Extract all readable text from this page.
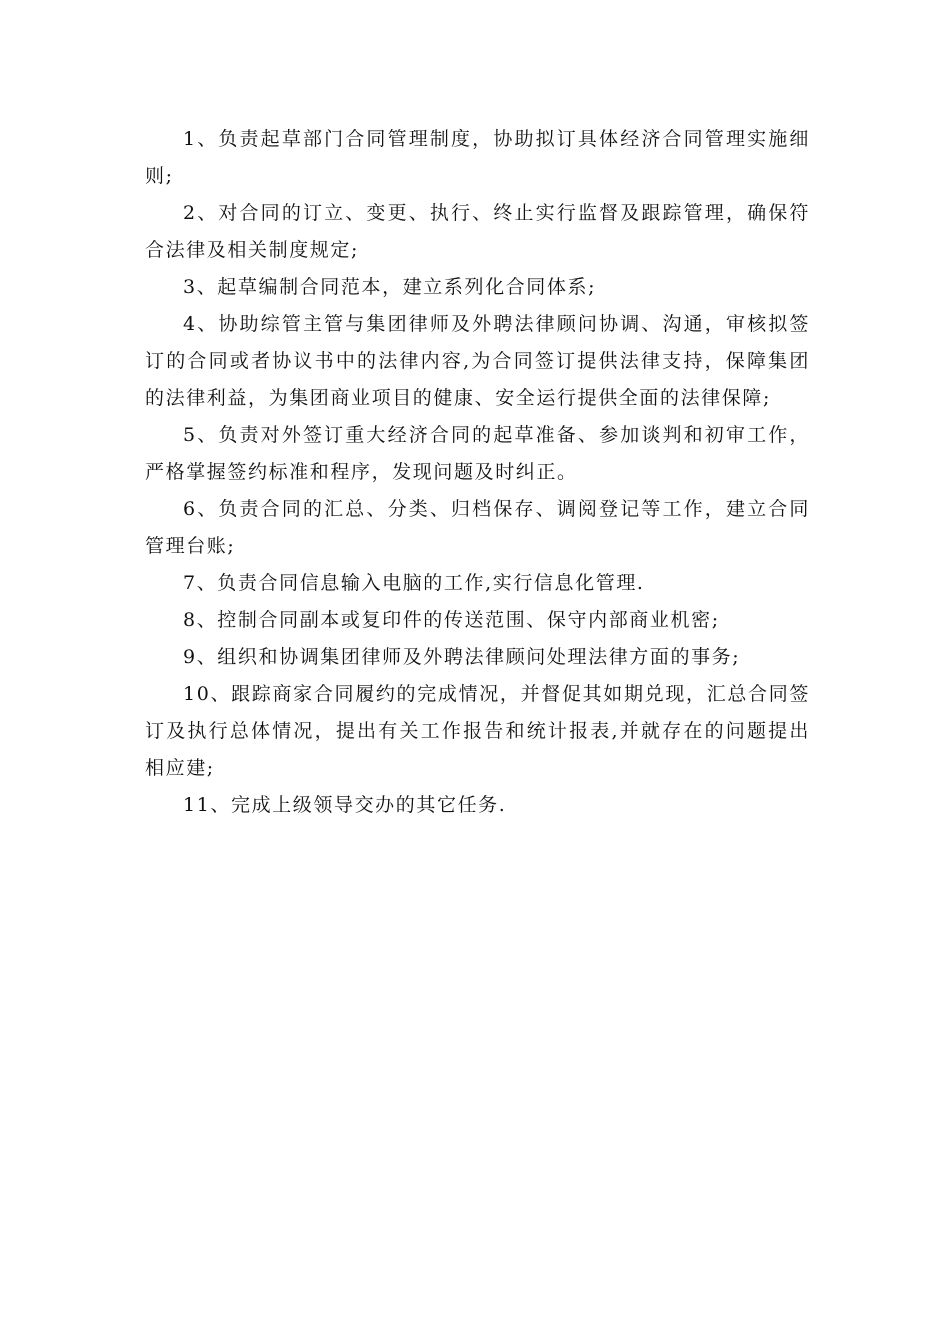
1、负责起草部门合同管理制度，协助拟订具体经济合同管理实施细则;

2、对合同的订立、变更、执行、终止实行监督及跟踪管理，确保符合法律及相关制度规定;

3、起草编制合同范本，建立系列化合同体系;

4、协助综管主管与集团律师及外聘法律顾问协调、沟通，审核拟签订的合同或者协议书中的法律内容,为合同签订提供法律支持，保障集团的法律利益，为集团商业项目的健康、安全运行提供全面的法律保障;

5、负责对外签订重大经济合同的起草准备、参加谈判和初审工作，严格掌握签约标准和程序，发现问题及时纠正。

6、负责合同的汇总、分类、归档保存、调阅登记等工作，建立合同管理台账;

7、负责合同信息输入电脑的工作,实行信息化管理.

8、控制合同副本或复印件的传送范围、保守内部商业机密;

9、组织和协调集团律师及外聘法律顾问处理法律方面的事务;

10、跟踪商家合同履约的完成情况，并督促其如期兑现，汇总合同签订及执行总体情况，提出有关工作报告和统计报表,并就存在的问题提出相应建;

11、完成上级领导交办的其它任务.
